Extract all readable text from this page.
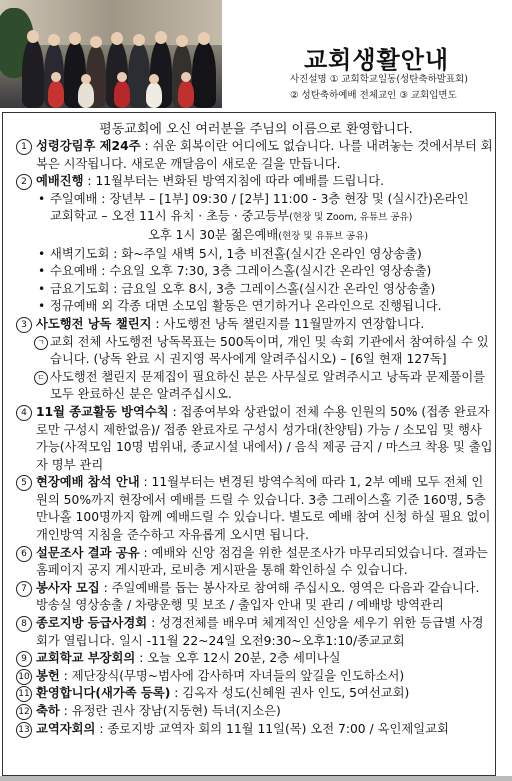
교회생활안내
사진설명 ① 교회학교일동(성탄축하발표회)
② 성탄축하예배 전체교인 ③ 교회입면도
평동교회에 오신 여러분을 주님의 이름으로 환영합니다.
1 성령강림후 제24주 : 쉬운 회복이란 어디에도 없습니다. 나를 내려놓는 것에서부터 회복은 시작됩니다. 새로운 깨달음이 새로운 길을 만듭니다.
2 예배진행 : 11월부터는 변화된 방역지침에 따라 예배를 드립니다.
• 주일예배 : 장년부 – [1부] 09:30 / [2부] 11:00 - 3층 현장 및 (실시간)온라인
교회학교 – 오전 11시 유치 · 초등 · 중고등부(현장 및 Zoom, 유튜브 공유)
오후 1시 30분 젊은예배(현장 및 유튜브 공유)
• 새벽기도회 : 화~주일 새벽 5시, 1층 비전홀(실시간 온라인 영상송출)
• 수요예배 : 수요일 오후 7:30, 3층 그레이스홀(실시간 온라인 영상송출)
• 금요기도회 : 금요일 오후 8시, 3층 그레이스홀(실시간 온라인 영상송출)
• 정규예배 외 각종 대면 소모임 활동은 연기하거나 온라인으로 진행됩니다.
3 사도행전 낭독 챌린지 : 사도행전 낭독 챌린지를 11월말까지 연장합니다.
ㄱ 교회 전체 사도행전 낭독목표는 500독이며, 개인 및 속회 기관에서 참여하실 수 있습니다. (낭독 완료 시 권지영 목사에게 알려주십시오) – [6일 현재 127독]
ㄷ 사도행전 챌린지 문제집이 필요하신 분은 사무실로 알려주시고 낭독과 문제풀이를 모두 완료하신 분은 알려주십시오.
4 11월 종교활동 방역수칙 : 접종여부와 상관없이 전체 수용 인원의 50% (접종 완료자로만 구성시 제한없음)/ 접종 완료자로 구성시 성가대(찬양팀) 가능 / 소모임 및 행사 가능(사적모임 10명 범위내, 종교시설 내에서) / 음식 제공 금지 / 마스크 착용 및 출입자 명부 관리
5 현장예배 참석 안내 : 11월부터는 변경된 방역수칙에 따라 1, 2부 예배 모두 전체 인원의 50%까지 현장에서 예배를 드릴 수 있습니다. 3층 그레이스홀 기준 160명, 5층 만나홀 100명까지 함께 예배드릴 수 있습니다. 별도로 예배 참여 신청 하실 필요 없이 개인방역 지침을 준수하고 자유롭게 오시면 됩니다.
6 설문조사 결과 공유 : 예배와 신앙 점검을 위한 설문조사가 마무리되었습니다. 결과는 홈페이지 공지 게시판과, 로비층 게시판을 통해 확인하실 수 있습니다.
7 봉사자 모집 : 주일예배를 돕는 봉사자로 참여해 주십시오. 영역은 다음과 같습니다. 방송실 영상송출 / 차량운행 및 보조 / 출입자 안내 및 관리 / 예배방 방역관리
8 종로지방 등급사경회 : 성경전체를 배우며 체계적인 신앙을 세우기 위한 등급별 사경회가 열립니다. 일시 -11월 22~24일 오전9:30~오후1:10/종교교회
9 교회학교 부장회의 : 오늘 오후 12시 20분, 2층 세미나실
10 봉헌 : 제단장식(무명~범사에 감사하며 자녀들의 앞길을 인도하소서)
11 환영합니다(새가족 등록) : 김옥자 성도(신혜원 권사 인도, 5여선교회)
12 축하 : 유정란 권사 장남(지동현) 득녀(지소은)
13 교역자회의 : 종로지방 교역자 회의 11월 11일(목) 오전 7:00 / 옥인제일교회
